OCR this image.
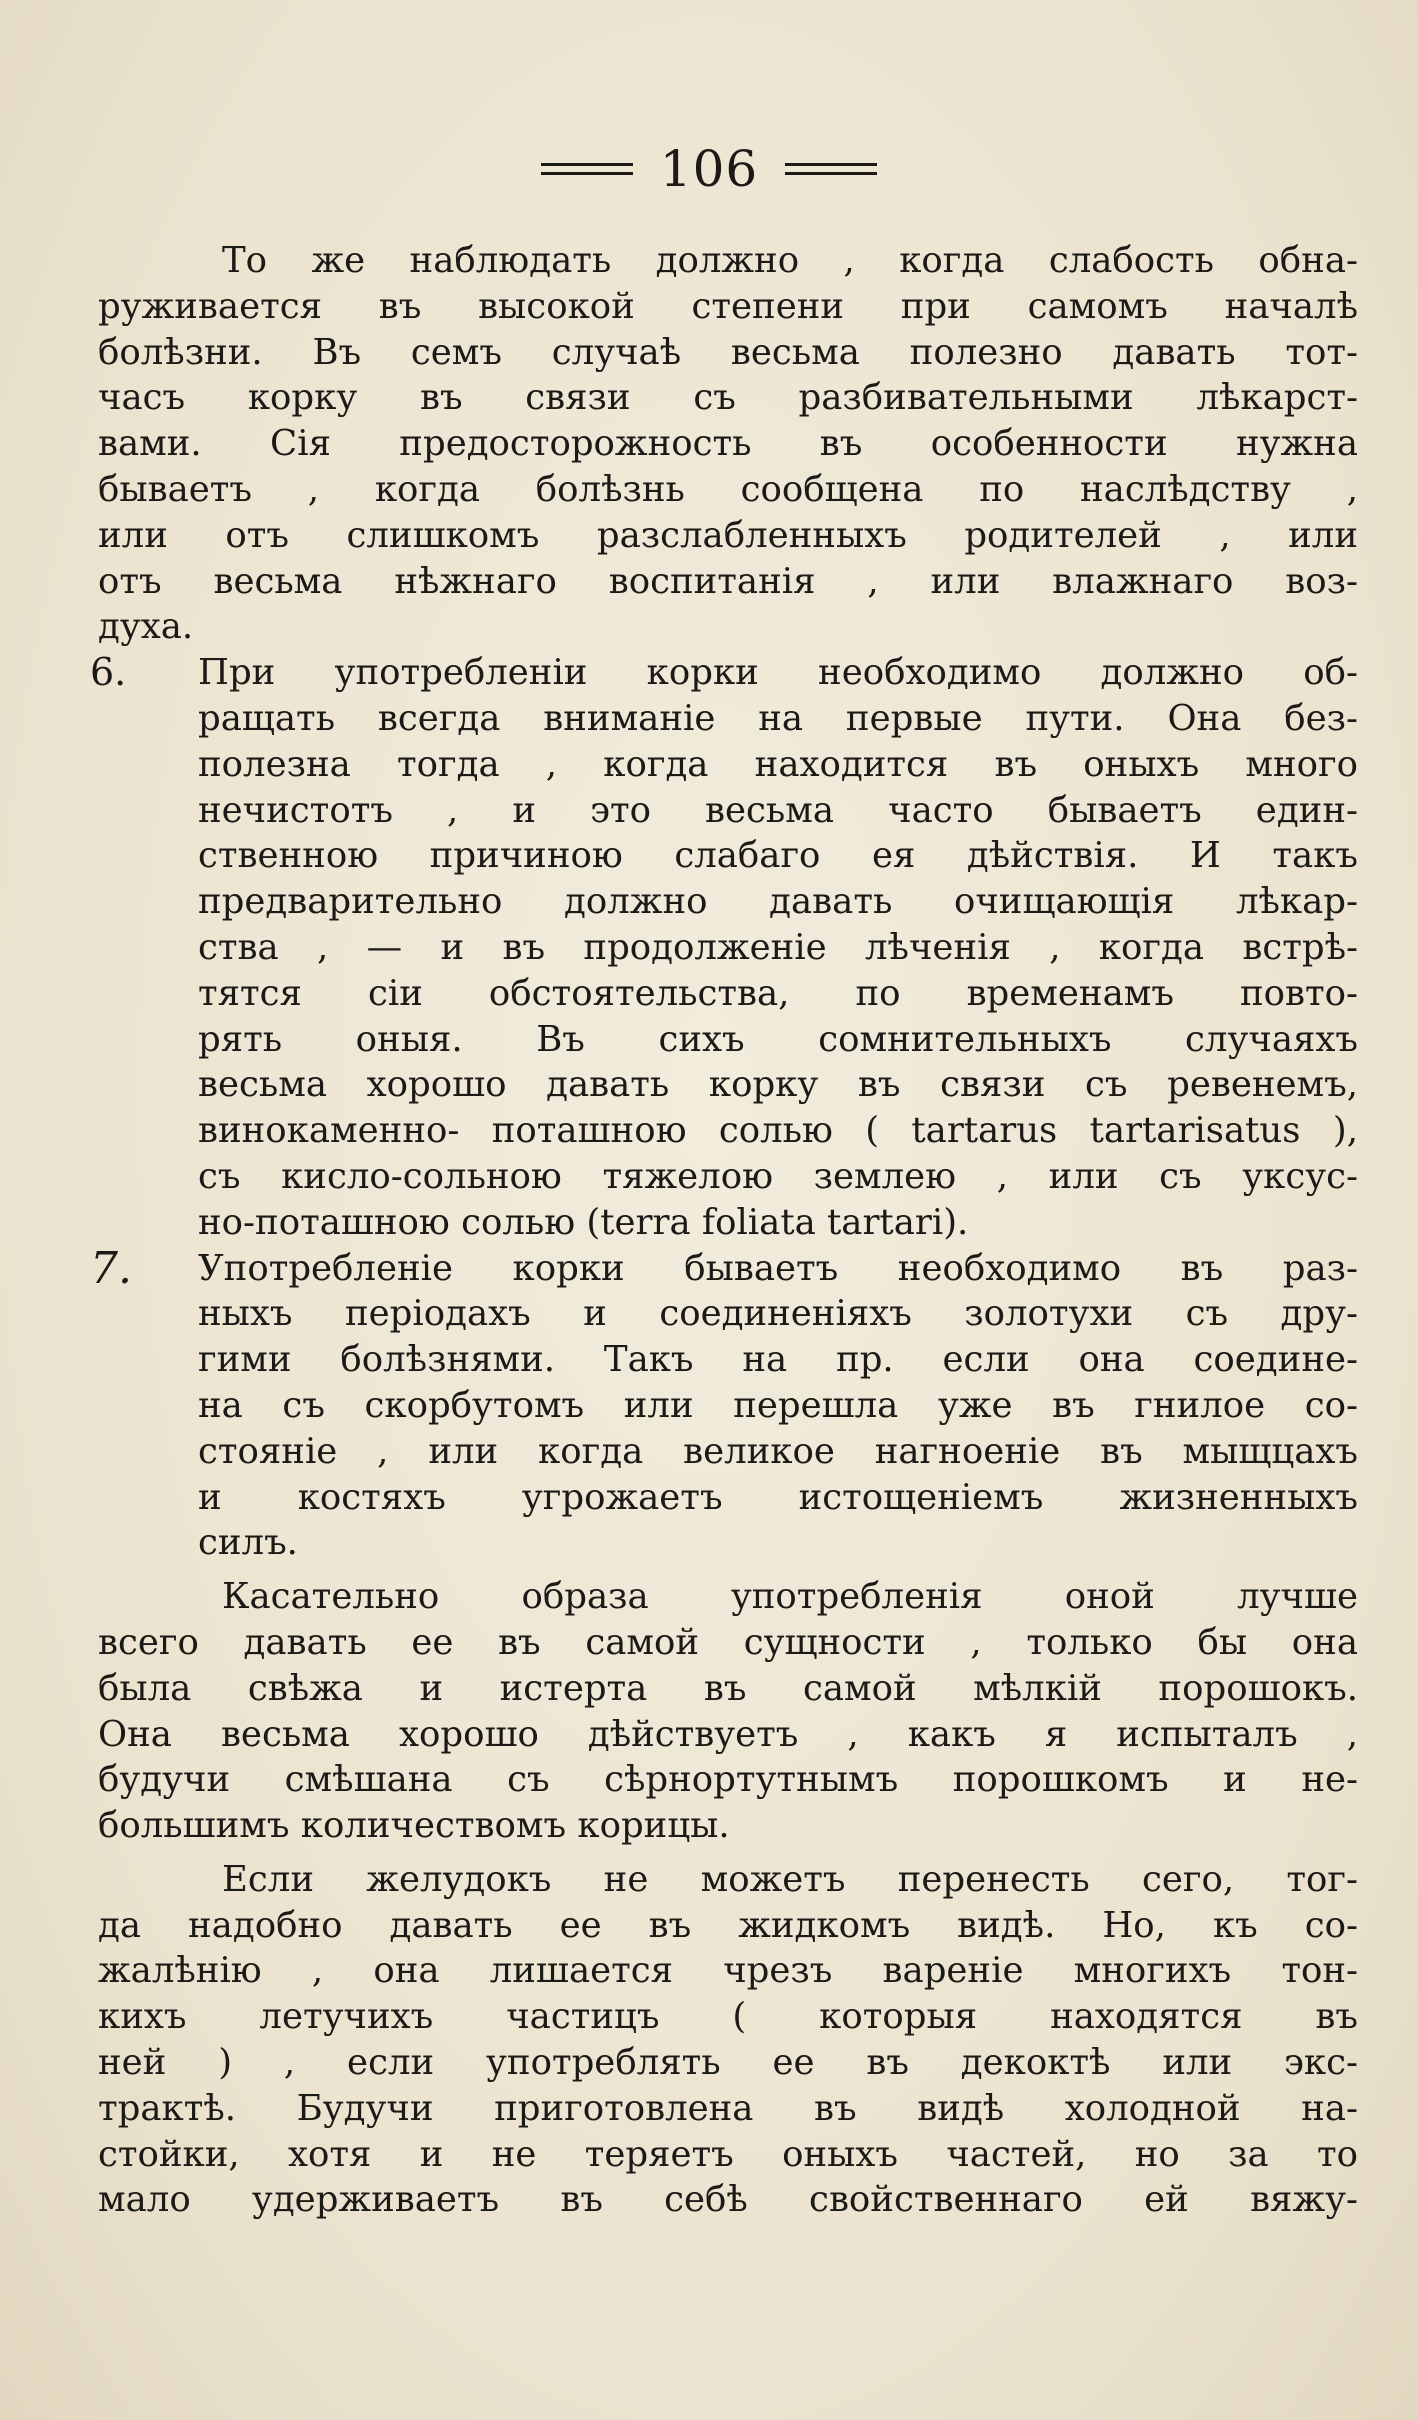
106
То же наблюдать должно , когда слабость обна-
руживается въ высокой степени при самомъ началѣ
болѣзни. Въ семъ случаѣ весьма полезно давать тот-
часъ корку въ связи съ разбивательными лѣкарст-
вами. Сія предосторожность въ особенности нужна
бываетъ , когда болѣзнь сообщена по наслѣдству ,
или отъ слишкомъ разслабленныхъ родителей , или
отъ весьма нѣжнаго воспитанія , или влажнаго воз-
духа.
6. При употребленіи корки необходимо должно об-
ращать всегда вниманіе на первые пути. Она без-
полезна тогда , когда находится въ оныхъ много
нечистотъ , и это весьма часто бываетъ един-
ственною причиною слабаго ея дѣйствія. И такъ
предварительно должно давать очищающія лѣкар-
ства , — и въ продолженіе лѣченія , когда встрѣ-
тятся сіи обстоятельства, по временамъ повто-
рять оныя. Въ сихъ сомнительныхъ случаяхъ
весьма хорошо давать корку въ связи съ ревенемъ,
винокаменно- поташною солью ( tartarus tartarisatus ),
съ кисло-сольною тяжелою землею , или съ уксус-
но-поташною солью (terra foliata tartari).
7. Употребленіе корки бываетъ необходимо въ раз-
ныхъ періодахъ и соединеніяхъ золотухи съ дру-
гими болѣзнями. Такъ на пр. если она соедине-
на съ скорбутомъ или перешла уже въ гнилое со-
стояніе , или когда великое нагноеніе въ мыщцахъ
и костяхъ угрожаетъ истощеніемъ жизненныхъ
силъ.
Касательно образа употребленія оной лучше
всего давать ее въ самой сущности , только бы она
была свѣжа и истерта въ самой мѣлкій порошокъ.
Она весьма хорошо дѣйствуетъ , какъ я испыталъ ,
будучи смѣшана съ сѣрнортутнымъ порошкомъ и не-
большимъ количествомъ корицы.
Если желудокъ не можетъ перенесть сего, тог-
да надобно давать ее въ жидкомъ видѣ. Но, къ со-
жалѣнію , она лишается чрезъ вареніе многихъ тон-
кихъ летучихъ частицъ ( которыя находятся въ
ней ) , если употреблять ее въ декоктѣ или экс-
трактѣ. Будучи приготовлена въ видѣ холодной на-
стойки, хотя и не теряетъ оныхъ частей, но за то
мало удерживаетъ въ себѣ свойственнаго ей вяжу-
